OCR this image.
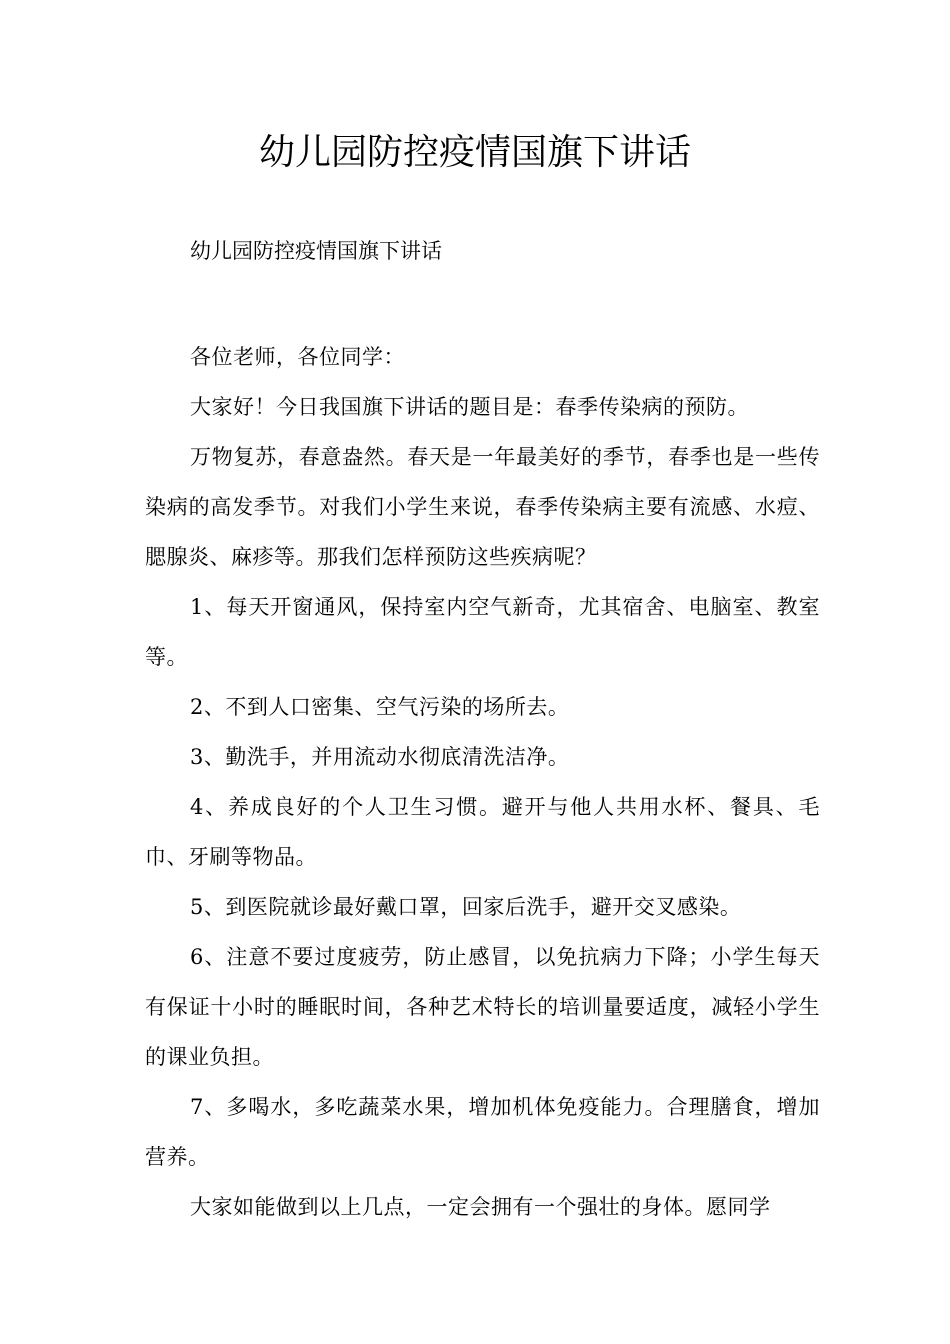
幼儿园防控疫情国旗下讲话

幼儿园防控疫情国旗下讲话

各位老师，各位同学：

大家好！今日我国旗下讲话的题目是：春季传染病的预防。

万物复苏，春意盎然。春天是一年最美好的季节，春季也是一些传染病的高发季节。对我们小学生来说，春季传染病主要有流感、水痘、腮腺炎、麻疹等。那我们怎样预防这些疾病呢？

1、每天开窗通风，保持室内空气新奇，尤其宿舍、电脑室、教室等。

2、不到人口密集、空气污染的场所去。

3、勤洗手，并用流动水彻底清洗洁净。

4、养成良好的个人卫生习惯。避开与他人共用水杯、餐具、毛巾、牙刷等物品。

5、到医院就诊最好戴口罩，回家后洗手，避开交叉感染。

6、注意不要过度疲劳，防止感冒，以免抗病力下降；小学生每天有保证十小时的睡眠时间，各种艺术特长的培训量要适度，减轻小学生的课业负担。

7、多喝水，多吃蔬菜水果，增加机体免疫能力。合理膳食，增加营养。

大家如能做到以上几点，一定会拥有一个强壮的身体。愿同学
